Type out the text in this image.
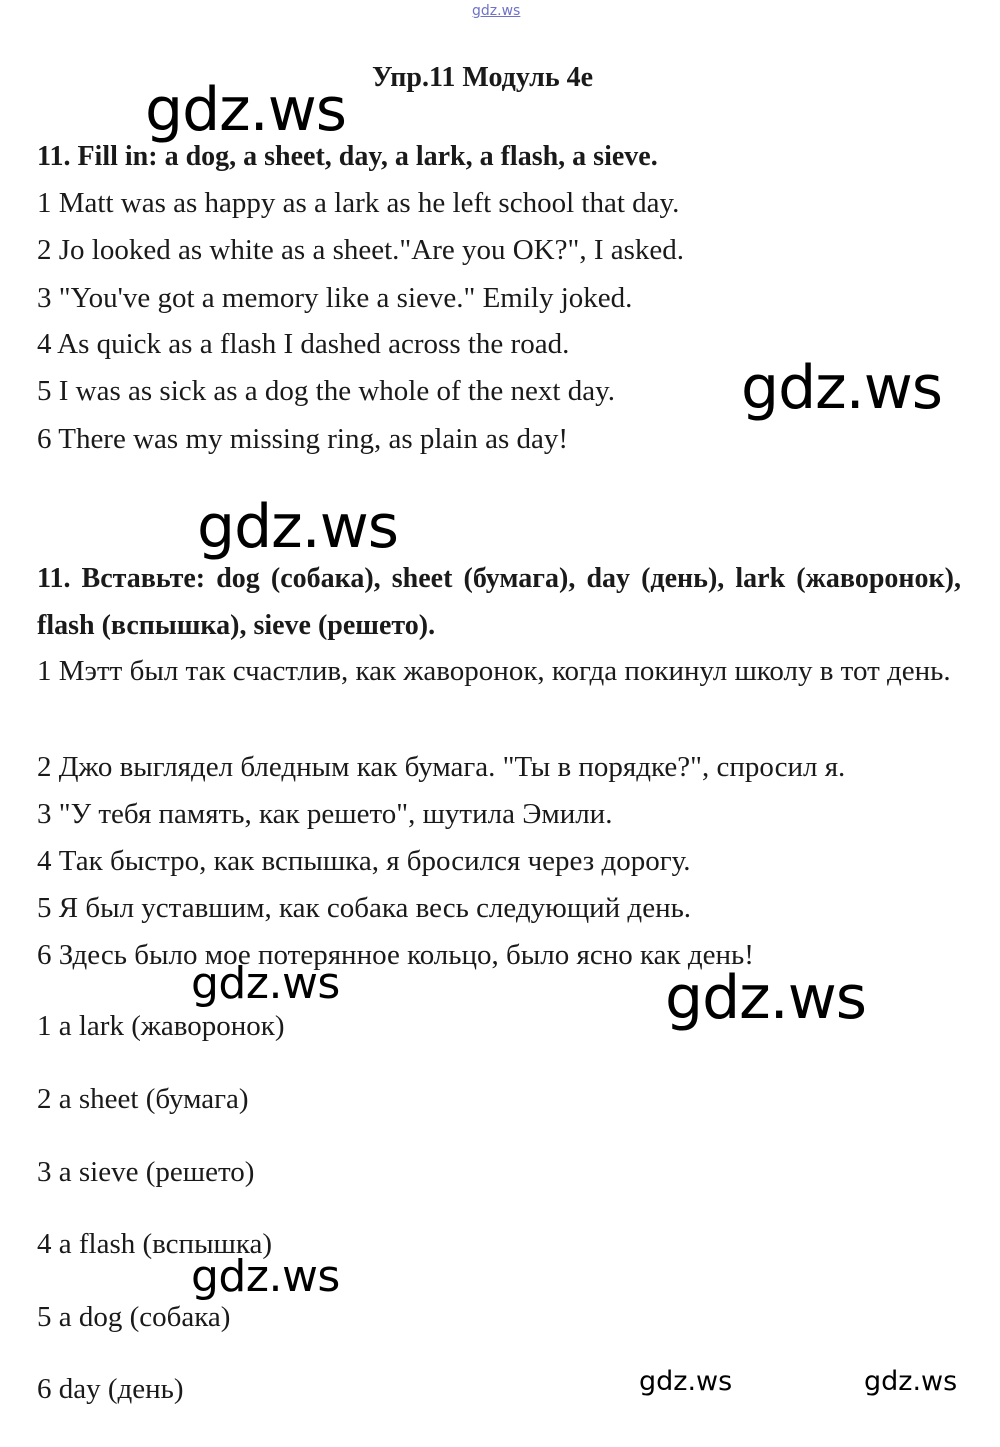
gdz.ws
Упр.11 Модуль 4e
gdz.ws
gdz.ws
gdz.ws
gdz.ws	gdz.ws
gdz.ws
gdz.ws	gdz.ws
11. Fill in: a dog, a sheet, day, a lark, a flash, a sieve.
1 Matt was as happy as a lark as he left school that day.
2 Jo looked as white as a sheet."Are you OK?", I asked.
3 "You've got a memory like a sieve." Emily joked.
4 As quick as a flash I dashed across the road.
5 I was as sick as a dog the whole of the next day.
6 There was my missing ring, as plain as day!
11. Вставьте: dog (собака), sheet (бумага), day (день), lark (жаворонок), flash (вспышка), sieve (решето).
1 Мэтт был так счастлив, как жаворонок, когда покинул школу в тот день.
2 Джо выглядел бледным как бумага. "Ты в порядке?", спросил я.
3 "У тебя память, как решето", шутила Эмили.
4 Так быстро, как вспышка, я бросился через дорогу.
5 Я был уставшим, как собака весь следующий день.
6 Здесь было мое потерянное кольцо, было ясно как день!
1 a lark (жаворонок)
2 a sheet (бумага)
3 a sieve (решето)
4 a flash (вспышка)
5 a dog (собака)
6 day (день)
